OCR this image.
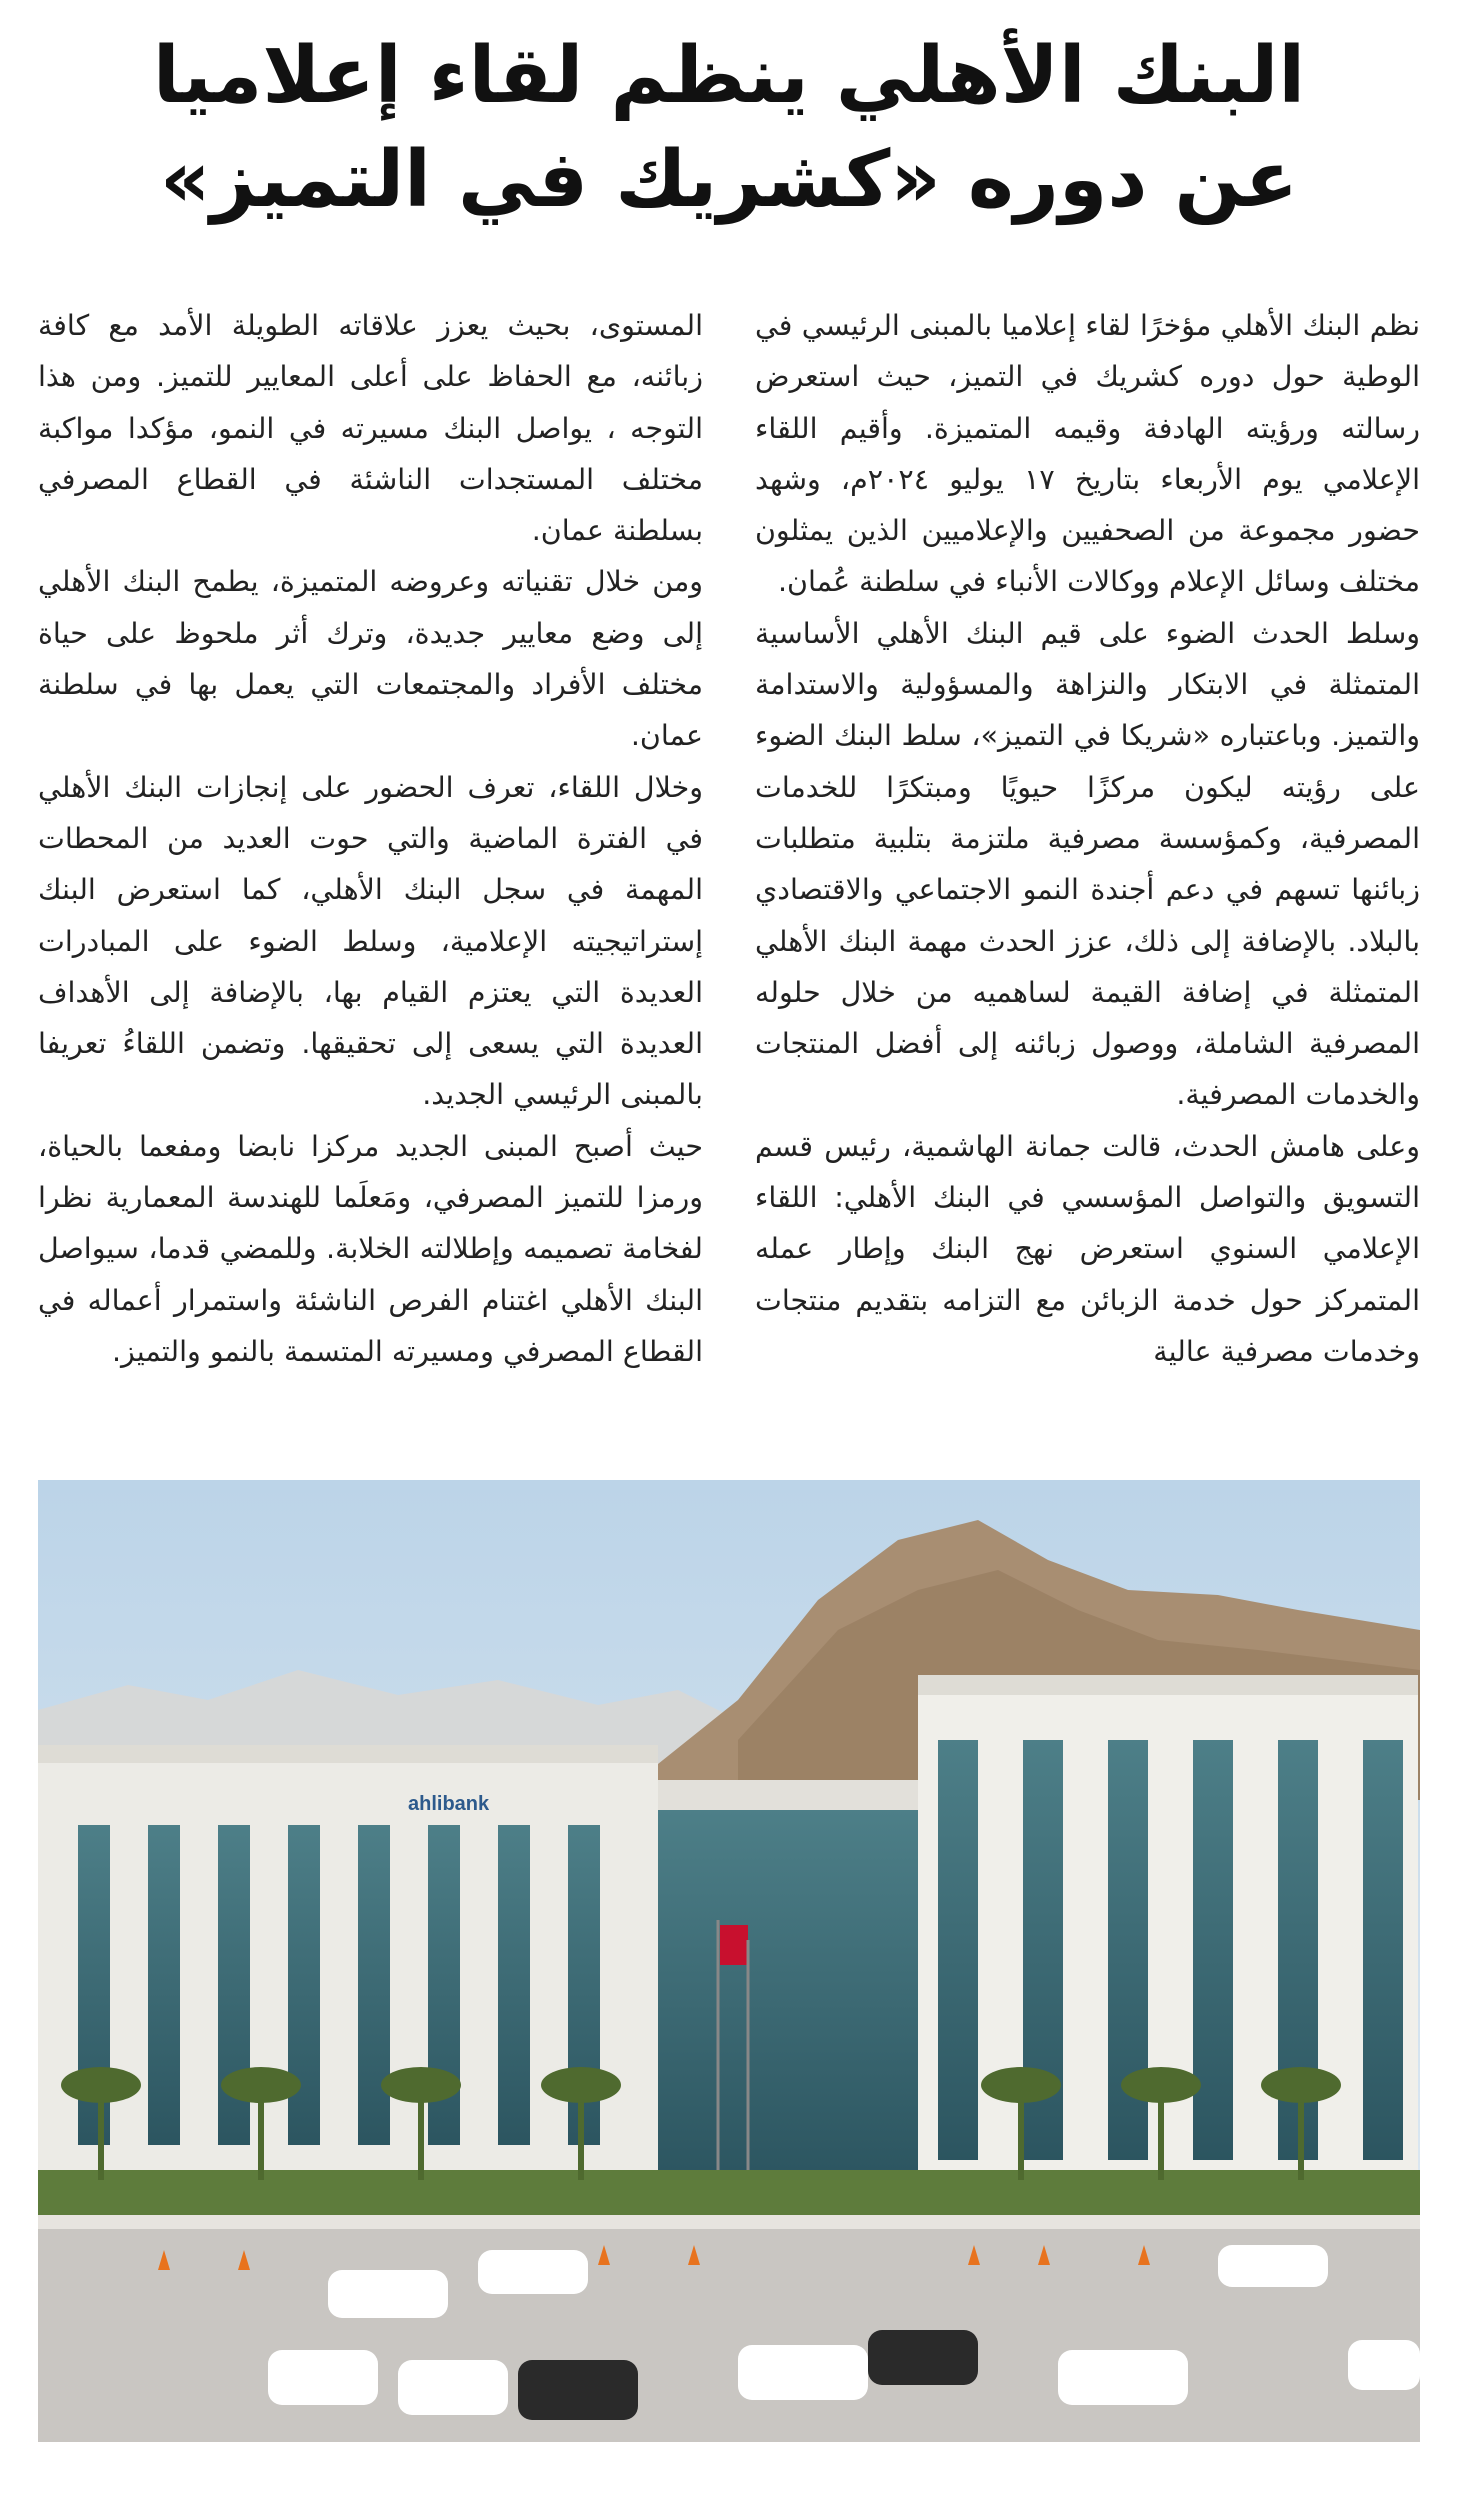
البنك الأهلي ينظم لقاء إعلاميا
عن دوره «كشريك في التميز»

نظم البنك الأهلي مؤخرًا لقاء إعلاميا بالمبنى الرئيسي في الوطية حول دوره كشريك في التميز، حيث استعرض رسالته ورؤيته الهادفة وقيمه المتميزة. وأقيم اللقاء الإعلامي يوم الأربعاء بتاريخ ١٧ يوليو ٢٠٢٤م، وشهد حضور مجموعة من الصحفيين والإعلاميين الذين يمثلون مختلف وسائل الإعلام ووكالات الأنباء في سلطنة عُمان.

وسلط الحدث الضوء على قيم البنك الأهلي الأساسية المتمثلة في الابتكار والنزاهة والمسؤولية والاستدامة والتميز. وباعتباره «شريكا في التميز»، سلط البنك الضوء على رؤيته ليكون مركزًا حيويًا ومبتكرًا للخدمات المصرفية، وكمؤسسة مصرفية ملتزمة بتلبية متطلبات زبائنها تسهم في دعم أجندة النمو الاجتماعي والاقتصادي بالبلاد. بالإضافة إلى ذلك، عزز الحدث مهمة البنك الأهلي المتمثلة في إضافة القيمة لساهميه من خلال حلوله المصرفية الشاملة، ووصول زبائنه إلى أفضل المنتجات والخدمات المصرفية.

وعلى هامش الحدث، قالت جمانة الهاشمية، رئيس قسم التسويق والتواصل المؤسسي في البنك الأهلي: اللقاء الإعلامي السنوي استعرض نهج البنك وإطار عمله المتمركز حول خدمة الزبائن مع التزامه بتقديم منتجات وخدمات مصرفية عالية

المستوى، بحيث يعزز علاقاته الطويلة الأمد مع كافة زبائنه، مع الحفاظ على أعلى المعايير للتميز. ومن هذا التوجه ، يواصل البنك مسيرته في النمو، مؤكدا مواكبة مختلف المستجدات الناشئة في القطاع المصرفي بسلطنة عمان.

ومن خلال تقنياته وعروضه المتميزة، يطمح البنك الأهلي إلى وضع معايير جديدة، وترك أثر ملحوظ على حياة مختلف الأفراد والمجتمعات التي يعمل بها في سلطنة عمان.

وخلال اللقاء، تعرف الحضور على إنجازات البنك الأهلي في الفترة الماضية والتي حوت العديد من المحطات المهمة في سجل البنك الأهلي، كما استعرض البنك إستراتيجيته الإعلامية، وسلط الضوء على المبادرات العديدة التي يعتزم القيام بها، بالإضافة إلى الأهداف العديدة التي يسعى إلى تحقيقها. وتضمن اللقاءُ تعريفا بالمبنى الرئيسي الجديد.

حيث أصبح المبنى الجديد مركزا نابضا ومفعما بالحياة، ورمزا للتميز المصرفي، ومَعلَما للهندسة المعمارية نظرا لفخامة تصميمه وإطلالته الخلابة. وللمضي قدما، سيواصل البنك الأهلي اغتنام الفرص الناشئة واستمرار أعماله في القطاع المصرفي ومسيرته المتسمة بالنمو والتميز.

ahlibank
